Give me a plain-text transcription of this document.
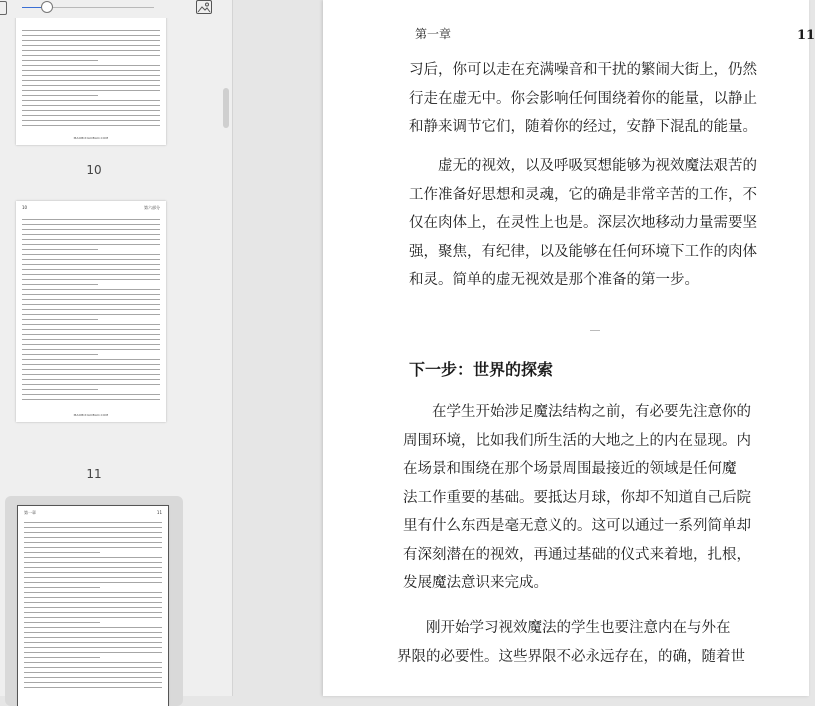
MAOBIXIAOBAO.COM
10
10	第六部分
MAOBIXIAOBAO.COM
11
第一章	11
第一章	11
习后，你可以走在充满噪音和干扰的繁闹大街上，仍然
行走在虚无中。你会影响任何围绕着你的能量，以静止
和静来调节它们，随着你的经过，安静下混乱的能量。
虚无的视效，以及呼吸冥想能够为视效魔法艰苦的
工作准备好思想和灵魂，它的确是非常辛苦的工作，不
仅在肉体上，在灵性上也是。深层次地移动力量需要坚
强，聚焦，有纪律，以及能够在任何环境下工作的肉体
和灵。简单的虚无视效是那个准备的第一步。
下一步：世界的探索
在学生开始涉足魔法结构之前，有必要先注意你的
周围环境，比如我们所生活的大地之上的内在显现。内
在场景和围绕在那个场景周围最接近的领域是任何魔
法工作重要的基础。要抵达月球，你却不知道自己后院
里有什么东西是毫无意义的。这可以通过一系列简单却
有深刻潜在的视效，再通过基础的仪式来着地，扎根，
发展魔法意识来完成。
刚开始学习视效魔法的学生也要注意内在与外在
界限的必要性。这些界限不必永远存在，的确，随着世
